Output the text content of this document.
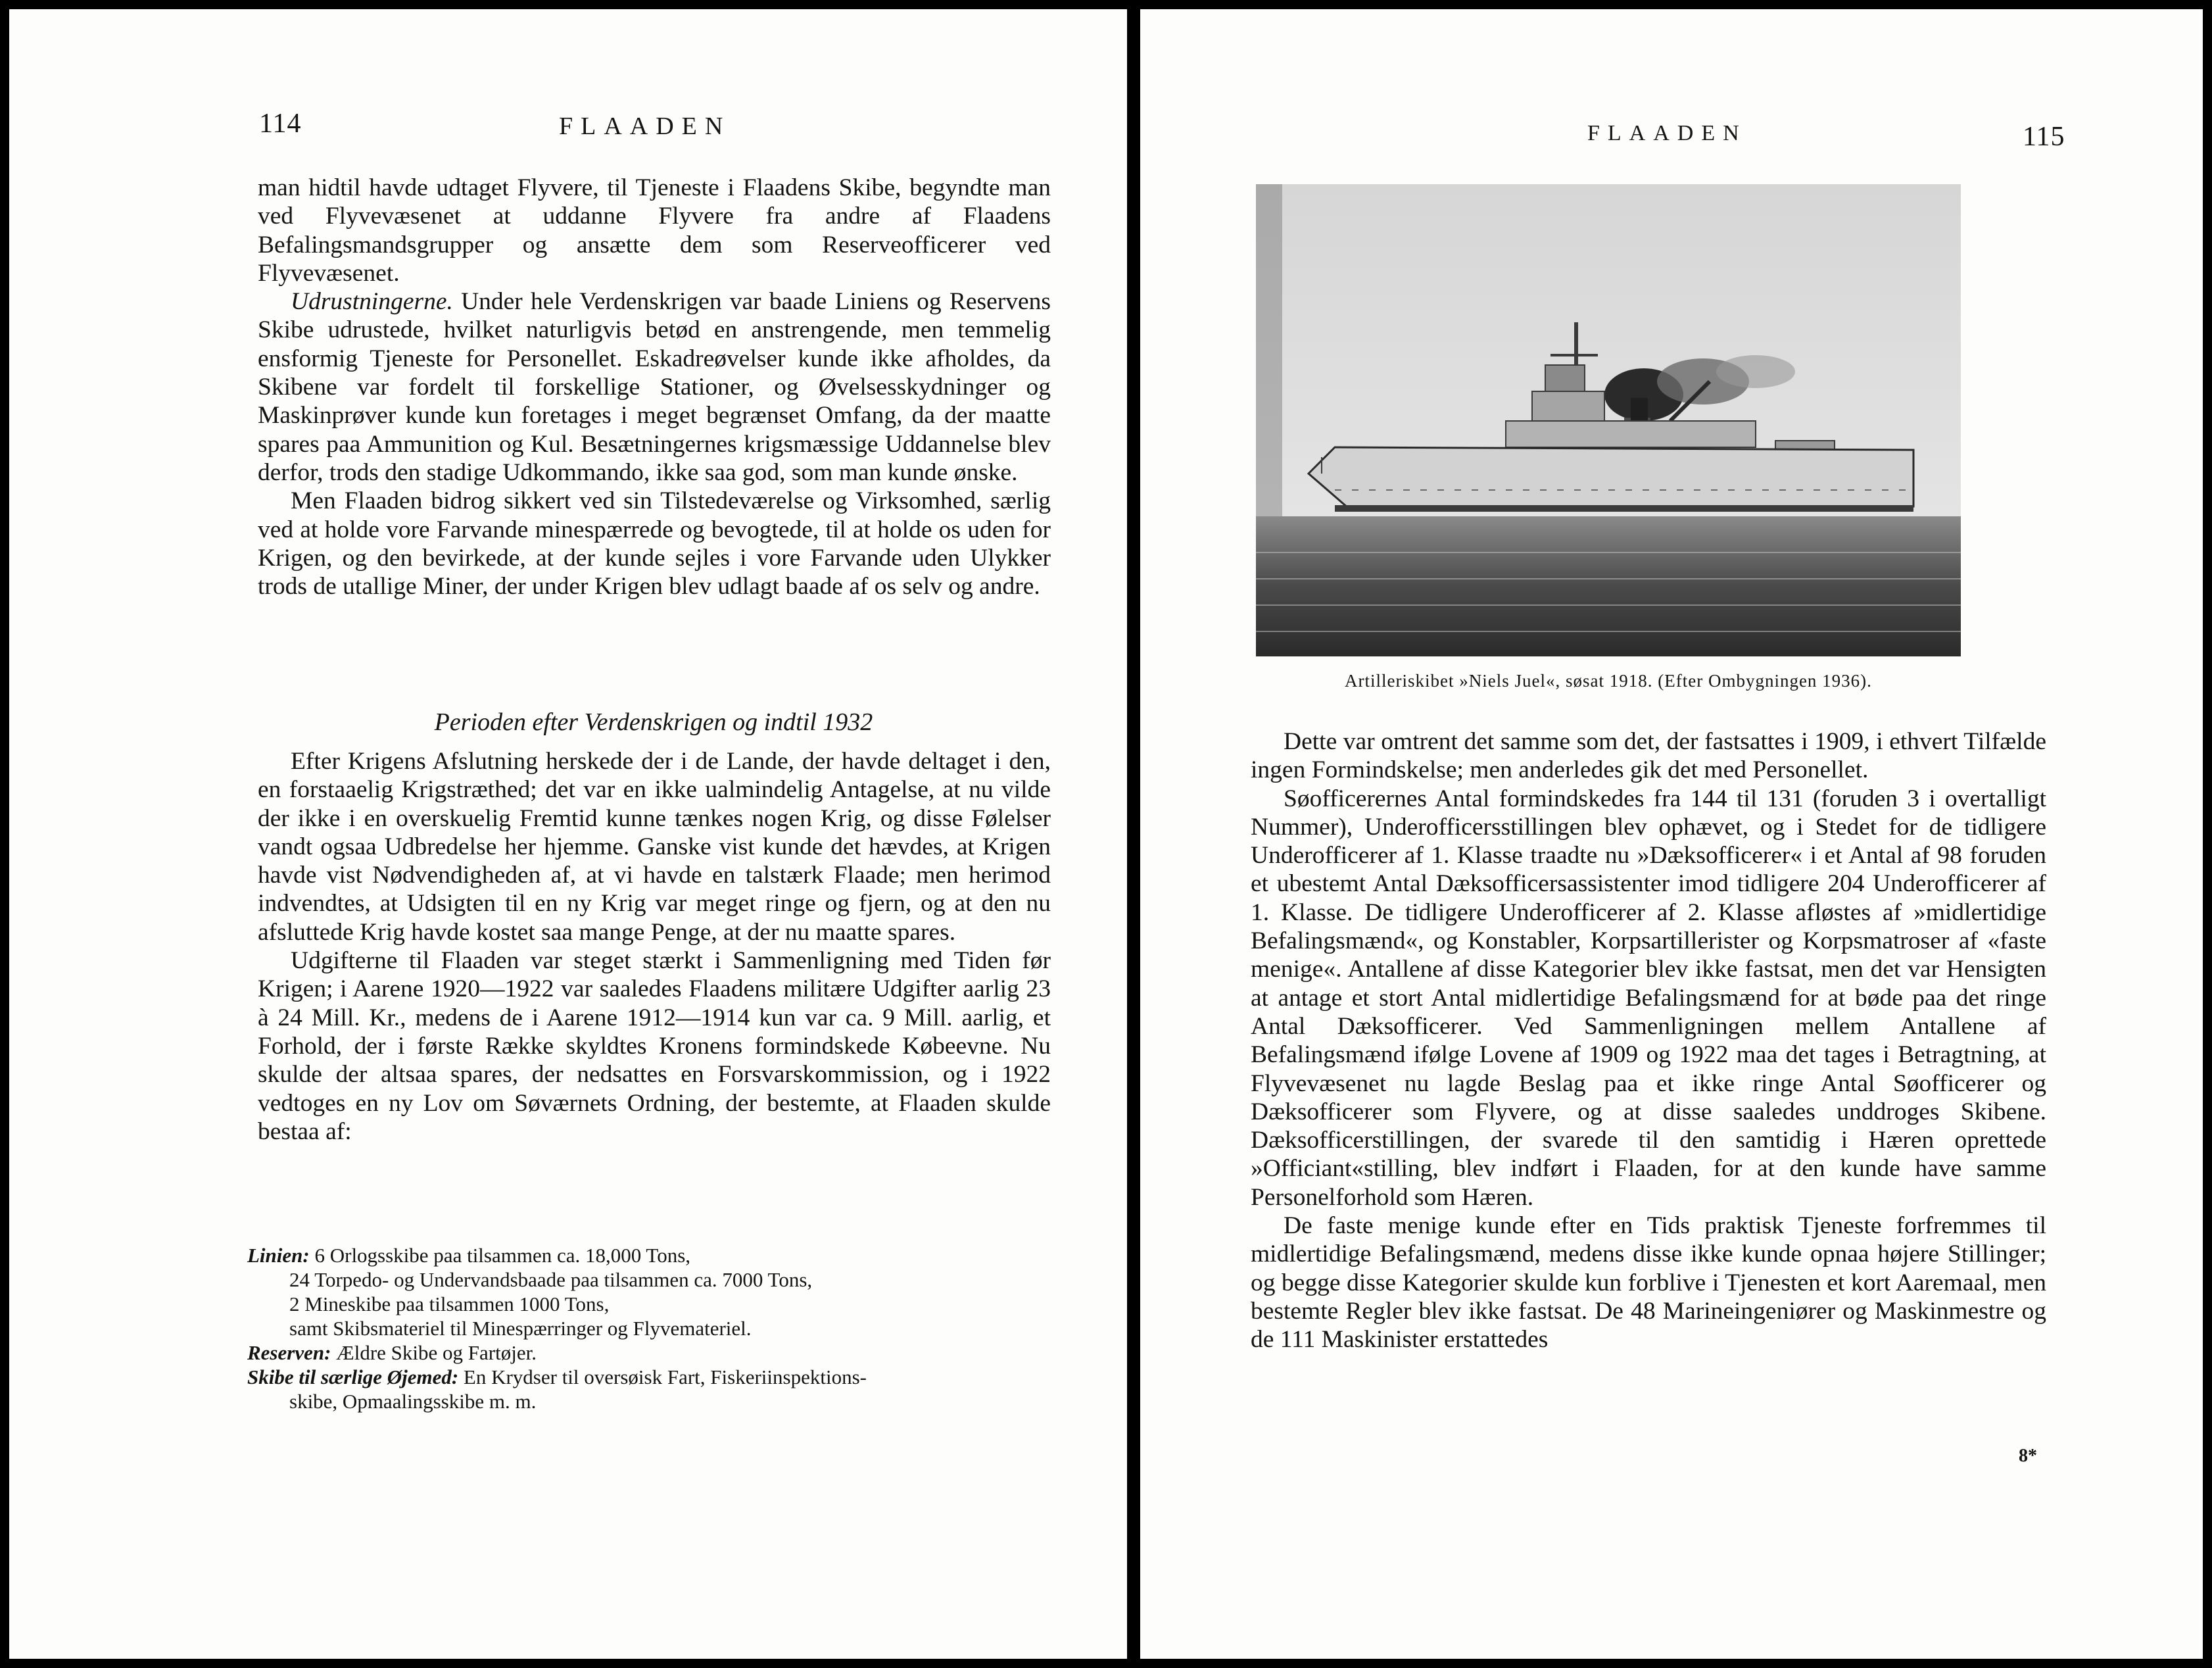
114	FLAADEN

man hidtil havde udtaget Flyvere, til Tjeneste i Flaadens Skibe, begyndte man ved Flyvevæsenet at uddanne Flyvere fra andre af Flaadens Befalingsmandsgrupper og ansætte dem som Reserveofficerer ved Flyvevæsenet.

Udrustningerne. Under hele Verdenskrigen var baade Liniens og Reservens Skibe udrustede, hvilket naturligvis betød en anstrengende, men temmelig ensformig Tjeneste for Personellet. Eskadreøvelser kunde ikke afholdes, da Skibene var fordelt til forskellige Stationer, og Øvelsesskydninger og Maskinprøver kunde kun foretages i meget begrænset Omfang, da der maatte spares paa Ammunition og Kul. Besætningernes krigsmæssige Uddannelse blev derfor, trods den stadige Udkommando, ikke saa god, som man kunde ønske.

Men Flaaden bidrog sikkert ved sin Tilstedeværelse og Virksomhed, særlig ved at holde vore Farvande minespærrede og bevogtede, til at holde os uden for Krigen, og den bevirkede, at der kunde sejles i vore Farvande uden Ulykker trods de utallige Miner, der under Krigen blev udlagt baade af os selv og andre.

Perioden efter Verdenskrigen og indtil 1932

Efter Krigens Afslutning herskede der i de Lande, der havde deltaget i den, en forstaaelig Krigstræthed; det var en ikke ualmindelig Antagelse, at nu vilde der ikke i en overskuelig Fremtid kunne tænkes nogen Krig, og disse Følelser vandt ogsaa Udbredelse her hjemme. Ganske vist kunde det hævdes, at Krigen havde vist Nødvendigheden af, at vi havde en talstærk Flaade; men herimod indvendtes, at Udsigten til en ny Krig var meget ringe og fjern, og at den nu afsluttede Krig havde kostet saa mange Penge, at der nu maatte spares.

Udgifterne til Flaaden var steget stærkt i Sammenligning med Tiden før Krigen; i Aarene 1920—1922 var saaledes Flaadens militære Udgifter aarlig 23 à 24 Mill. Kr., medens de i Aarene 1912—1914 kun var ca. 9 Mill. aarlig, et Forhold, der i første Række skyldtes Kronens formindskede Købeevne. Nu skulde der altsaa spares, der nedsattes en Forsvarskommission, og i 1922 vedtoges en ny Lov om Søværnets Ordning, der bestemte, at Flaaden skulde bestaa af:

Linien: 6 Orlogsskibe paa tilsammen ca. 18,000 Tons,

24 Torpedo- og Undervandsbaade paa tilsammen ca. 7000 Tons,

2 Mineskibe paa tilsammen 1000 Tons,

samt Skibsmateriel til Minespærringer og Flyvemateriel.

Reserven: Ældre Skibe og Fartøjer.

Skibe til særlige Øjemed: En Krydser til oversøisk Fart, Fiskeriinspektions-

skibe, Opmaalingsskibe m. m.

FLAADEN	115
Artilleriskibet »Niels Juel«, søsat 1918. (Efter Ombygningen 1936).

Dette var omtrent det samme som det, der fastsattes i 1909, i ethvert Tilfælde ingen Formindskelse; men anderledes gik det med Personellet.

Søofficerernes Antal formindskedes fra 144 til 131 (foruden 3 i overtalligt Nummer), Underofficersstillingen blev ophævet, og i Stedet for de tidligere Underofficerer af 1. Klasse traadte nu »Dæksofficerer« i et Antal af 98 foruden et ubestemt Antal Dæksofficersassistenter imod tidligere 204 Underofficerer af 1. Klasse. De tidligere Underofficerer af 2. Klasse afløstes af »midlertidige Befalingsmænd«, og Konstabler, Korpsartillerister og Korpsmatroser af «faste menige«. Antallene af disse Kategorier blev ikke fastsat, men det var Hensigten at antage et stort Antal midlertidige Befalingsmænd for at bøde paa det ringe Antal Dæksofficerer. Ved Sammenligningen mellem Antallene af Befalingsmænd ifølge Lovene af 1909 og 1922 maa det tages i Betragtning, at Flyvevæsenet nu lagde Beslag paa et ikke ringe Antal Søofficerer og Dæksofficerer som Flyvere, og at disse saaledes unddroges Skibene. Dæksofficerstillingen, der svarede til den samtidig i Hæren oprettede »Officiant«stilling, blev indført i Flaaden, for at den kunde have samme Personelforhold som Hæren.

De faste menige kunde efter en Tids praktisk Tjeneste forfremmes til midlertidige Befalingsmænd, medens disse ikke kunde opnaa højere Stillinger; og begge disse Kategorier skulde kun forblive i Tjenesten et kort Aaremaal, men bestemte Regler blev ikke fastsat. De 48 Marineingeniører og Maskinmestre og de 111 Maskinister erstattedes

8*
